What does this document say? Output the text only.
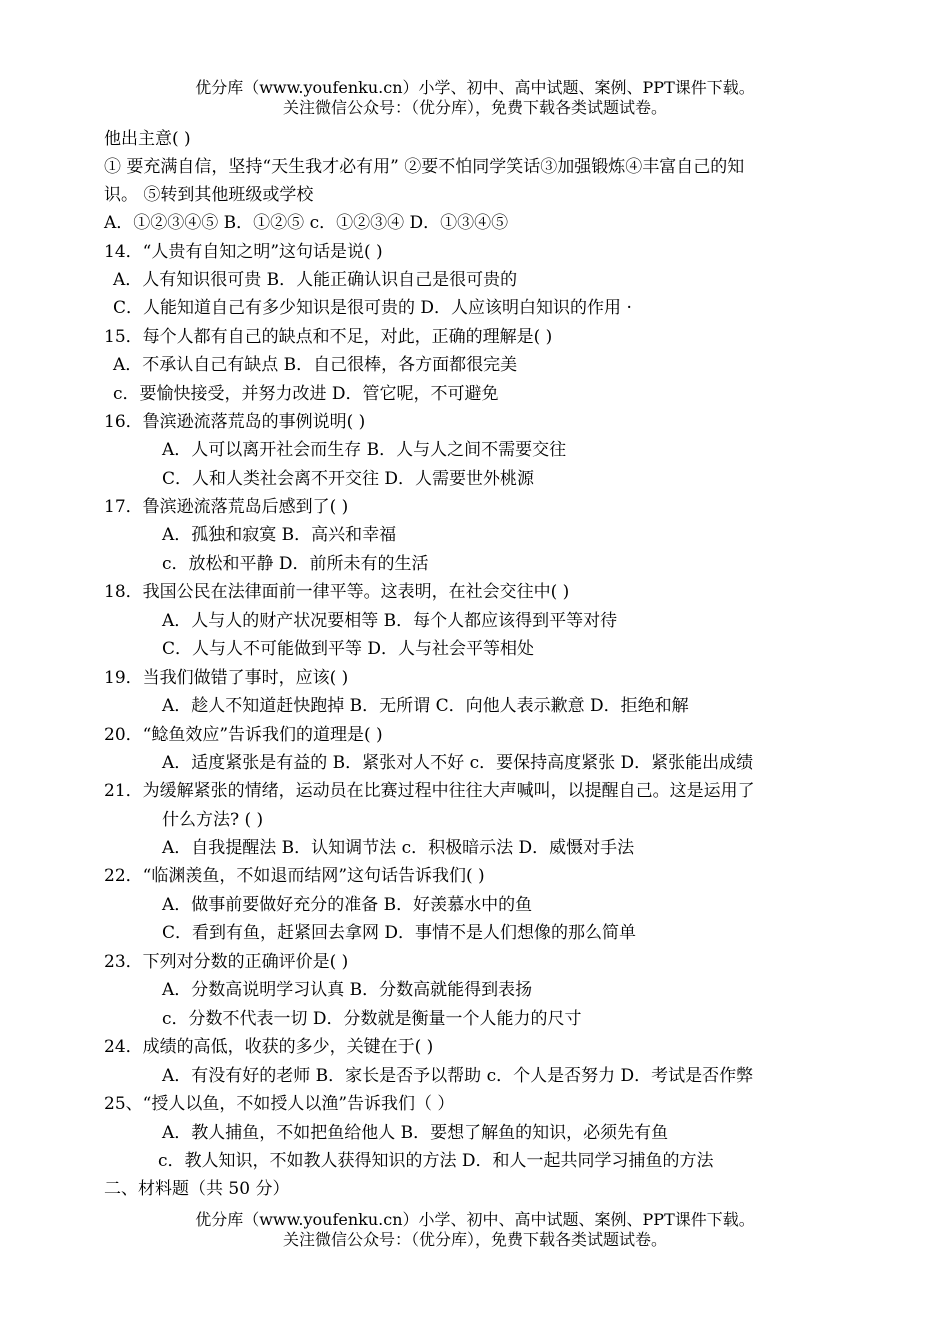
优分库（www.youfenku.cn）小学、初中、高中试题、案例、PPT课件下载。
关注微信公众号：（优分库），免费下载各类试题试卷。
他出主意( )
① 要充满自信，坚持“天生我才必有用” ②要不怕同学笑话③加强锻炼④丰富自己的知
识。 ⑤转到其他班级或学校
A．①②③④⑤ B．①②⑤ c．①②③④ D．①③④⑤
14．“人贵有自知之明”这句话是说( )
A．人有知识很可贵 B．人能正确认识自己是很可贵的
C．人能知道自己有多少知识是很可贵的 D．人应该明白知识的作用 ·
15．每个人都有自己的缺点和不足，对此，正确的理解是( )
A．不承认自己有缺点 B．自己很棒，各方面都很完美
c．要愉快接受，并努力改进 D．管它呢，不可避免
16．鲁滨逊流落荒岛的事例说明( )
A．人可以离开社会而生存 B．人与人之间不需要交往
C．人和人类社会离不开交往 D．人需要世外桃源
17．鲁滨逊流落荒岛后感到了( )
A．孤独和寂寞 B．高兴和幸福
c．放松和平静 D．前所未有的生活
18．我国公民在法律面前一律平等。这表明，在社会交往中( )
A．人与人的财产状况要相等 B．每个人都应该得到平等对待
C．人与人不可能做到平等 D．人与社会平等相处
19．当我们做错了事时，应该( )
A．趁人不知道赶快跑掉 B．无所谓 C．向他人表示歉意 D．拒绝和解
20．“鲶鱼效应”告诉我们的道理是( )
A．适度紧张是有益的 B．紧张对人不好 c．要保持高度紧张 D．紧张能出成绩
21．为缓解紧张的情绪，运动员在比赛过程中往往大声喊叫，以提醒自己。这是运用了
什么方法? ( )
A．自我提醒法 B．认知调节法 c．积极暗示法 D．威慑对手法
22．“临渊羡鱼，不如退而结网”这句话告诉我们( )
A．做事前要做好充分的准备 B．好羡慕水中的鱼
C．看到有鱼，赶紧回去拿网 D．事情不是人们想像的那么简单
23．下列对分数的正确评价是( )
A．分数高说明学习认真 B．分数高就能得到表扬
c．分数不代表一切 D．分数就是衡量一个人能力的尺寸
24．成绩的高低，收获的多少，关键在于( )
A．有没有好的老师 B．家长是否予以帮助 c．个人是否努力 D．考试是否作弊
25、“授人以鱼，不如授人以渔”告诉我们（ ）
A．教人捕鱼，不如把鱼给他人 B．要想了解鱼的知识，必须先有鱼
c．教人知识，不如教人获得知识的方法 D．和人一起共同学习捕鱼的方法
二、材料题（共 50 分）
优分库（www.youfenku.cn）小学、初中、高中试题、案例、PPT课件下载。
关注微信公众号：（优分库），免费下载各类试题试卷。
